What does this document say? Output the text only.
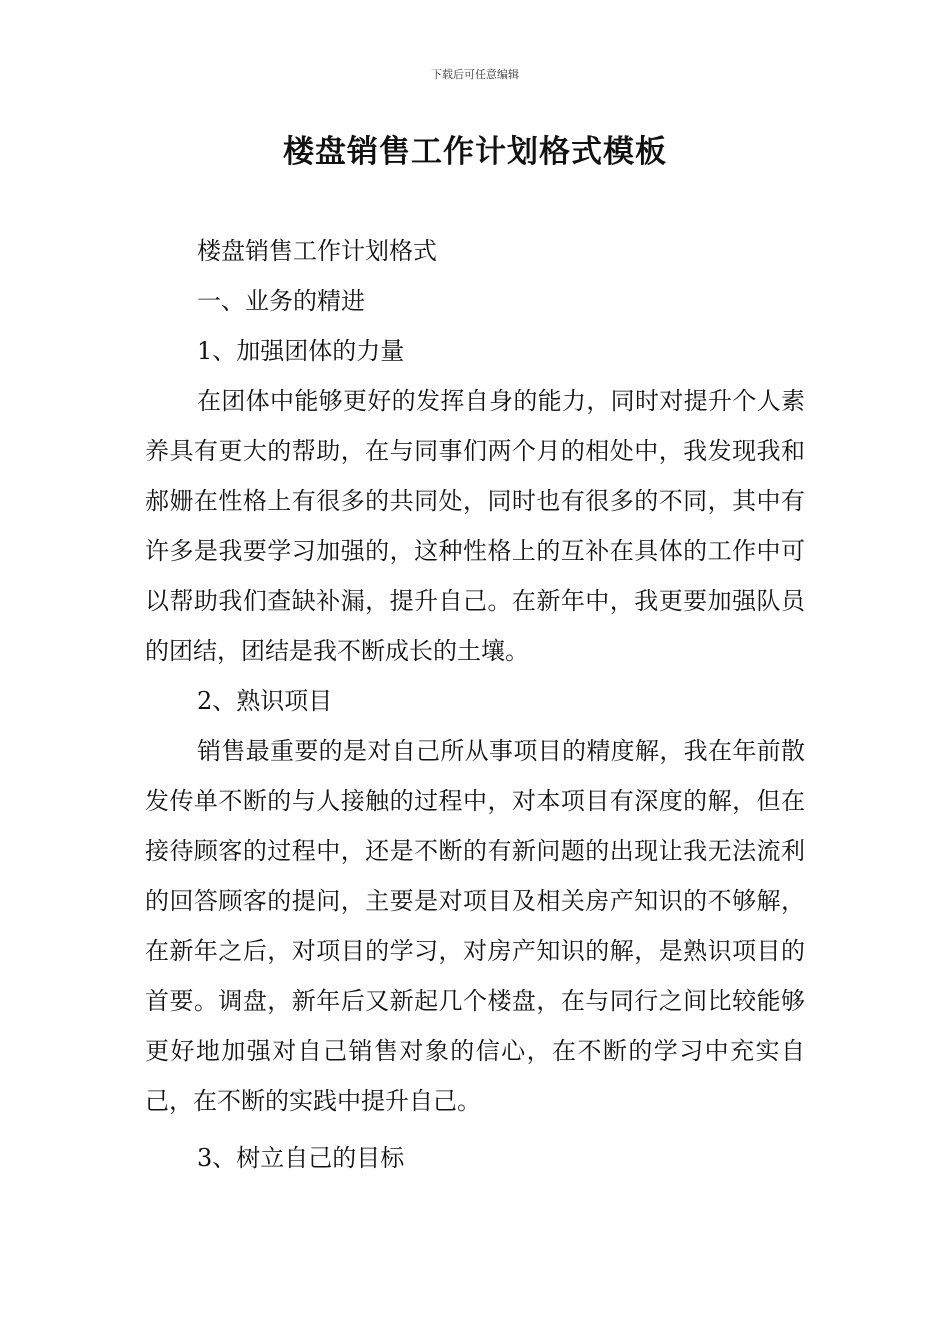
下载后可任意编辑
楼盘销售工作计划格式模板

楼盘销售工作计划格式

一、业务的精进

1、加强团体的力量

在团体中能够更好的发挥自身的能力，同时对提升个人素养具有更大的帮助，在与同事们两个月的相处中，我发现我和郝姗在性格上有很多的共同处，同时也有很多的不同，其中有许多是我要学习加强的，这种性格上的互补在具体的工作中可以帮助我们查缺补漏，提升自己。在新年中，我更要加强队员的团结，团结是我不断成长的土壤。

2、熟识项目

销售最重要的是对自己所从事项目的精度解，我在年前散发传单不断的与人接触的过程中，对本项目有深度的解，但在接待顾客的过程中，还是不断的有新问题的出现让我无法流利的回答顾客的提问，主要是对项目及相关房产知识的不够解，在新年之后，对项目的学习，对房产知识的解，是熟识项目的首要。调盘，新年后又新起几个楼盘，在与同行之间比较能够更好地加强对自己销售对象的信心，在不断的学习中充实自己，在不断的实践中提升自己。

3、树立自己的目标
